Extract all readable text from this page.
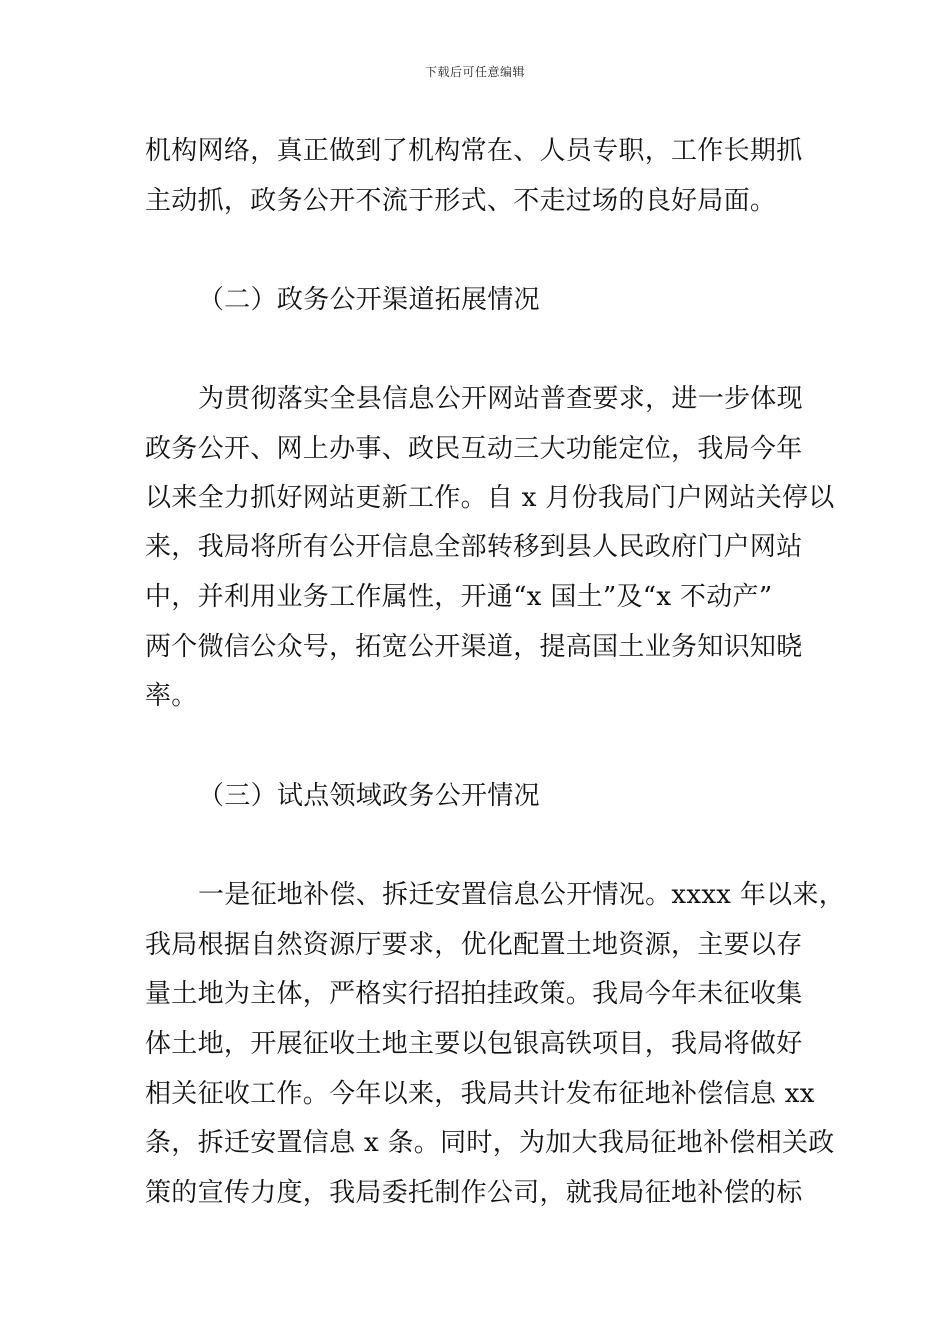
下载后可任意编辑
机构网络，真正做到了机构常在、人员专职，工作长期抓
主动抓，政务公开不流于形式、不走过场的良好局面。
（二）政务公开渠道拓展情况
为贯彻落实全县信息公开网站普查要求，进一步体现
政务公开、网上办事、政民互动三大功能定位，我局今年
以来全力抓好网站更新工作。自 x 月份我局门户网站关停以
来，我局将所有公开信息全部转移到县人民政府门户网站
中，并利用业务工作属性，开通“x 国土”及“x 不动产”
两个微信公众号，拓宽公开渠道，提高国土业务知识知晓
率。
（三）试点领域政务公开情况
一是征地补偿、拆迁安置信息公开情况。xxxx 年以来，
我局根据自然资源厅要求，优化配置土地资源，主要以存
量土地为主体，严格实行招拍挂政策。我局今年未征收集
体土地，开展征收土地主要以包银高铁项目，我局将做好
相关征收工作。今年以来，我局共计发布征地补偿信息 xx
条，拆迁安置信息 x 条。同时，为加大我局征地补偿相关政
策的宣传力度，我局委托制作公司，就我局征地补偿的标
